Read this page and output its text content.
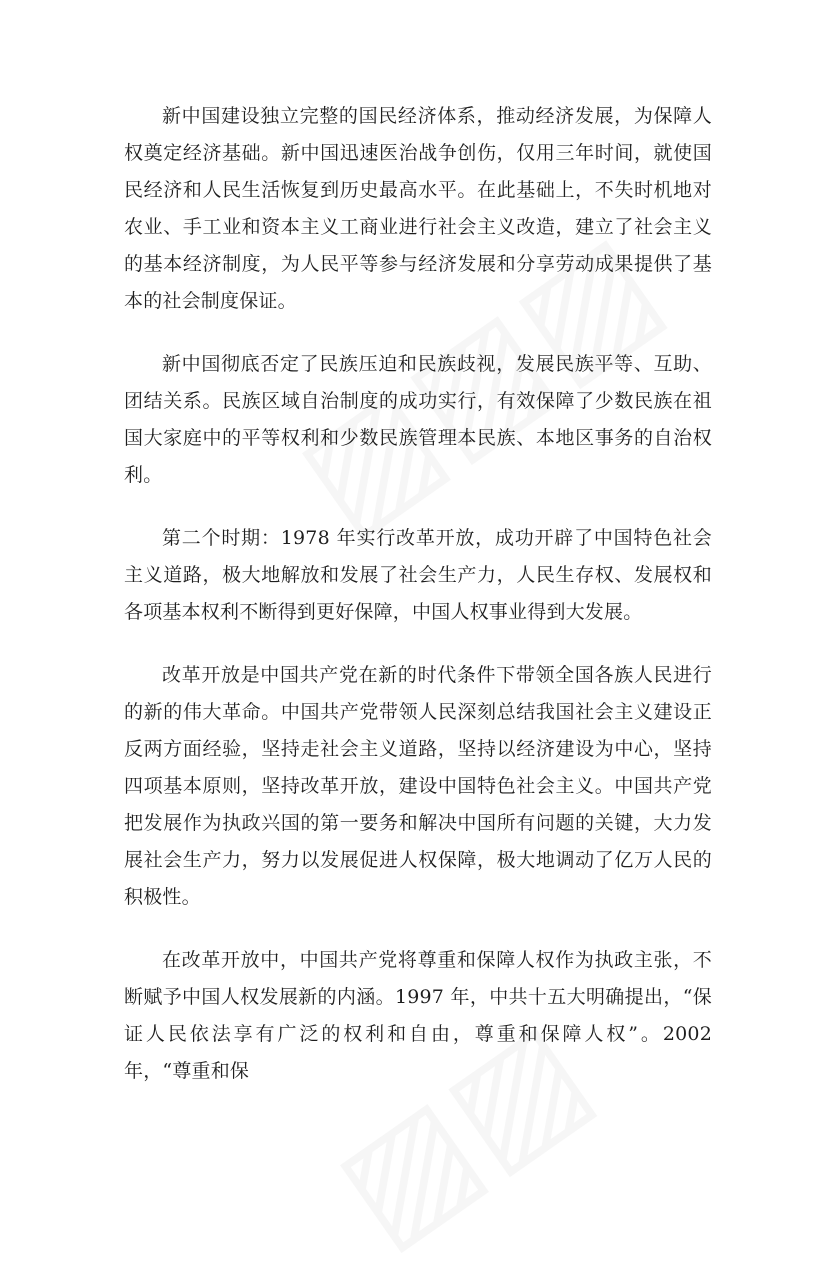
新中国建设独立完整的国民经济体系，推动经济发展，为保障人权奠定经济基础。新中国迅速医治战争创伤，仅用三年时间，就使国民经济和人民生活恢复到历史最高水平。在此基础上，不失时机地对农业、手工业和资本主义工商业进行社会主义改造，建立了社会主义的基本经济制度，为人民平等参与经济发展和分享劳动成果提供了基本的社会制度保证。

新中国彻底否定了民族压迫和民族歧视，发展民族平等、互助、团结关系。民族区域自治制度的成功实行，有效保障了少数民族在祖国大家庭中的平等权利和少数民族管理本民族、本地区事务的自治权利。

第二个时期：1978 年实行改革开放，成功开辟了中国特色社会主义道路，极大地解放和发展了社会生产力，人民生存权、发展权和各项基本权利不断得到更好保障，中国人权事业得到大发展。

改革开放是中国共产党在新的时代条件下带领全国各族人民进行的新的伟大革命。中国共产党带领人民深刻总结我国社会主义建设正反两方面经验，坚持走社会主义道路，坚持以经济建设为中心，坚持四项基本原则，坚持改革开放，建设中国特色社会主义。中国共产党把发展作为执政兴国的第一要务和解决中国所有问题的关键，大力发展社会生产力，努力以发展促进人权保障，极大地调动了亿万人民的积极性。

在改革开放中，中国共产党将尊重和保障人权作为执政主张，不断赋予中国人权发展新的内涵。1997 年，中共十五大明确提出，“保证人民依法享有广泛的权利和自由，尊重和保障人权”。2002 年，“尊重和保
